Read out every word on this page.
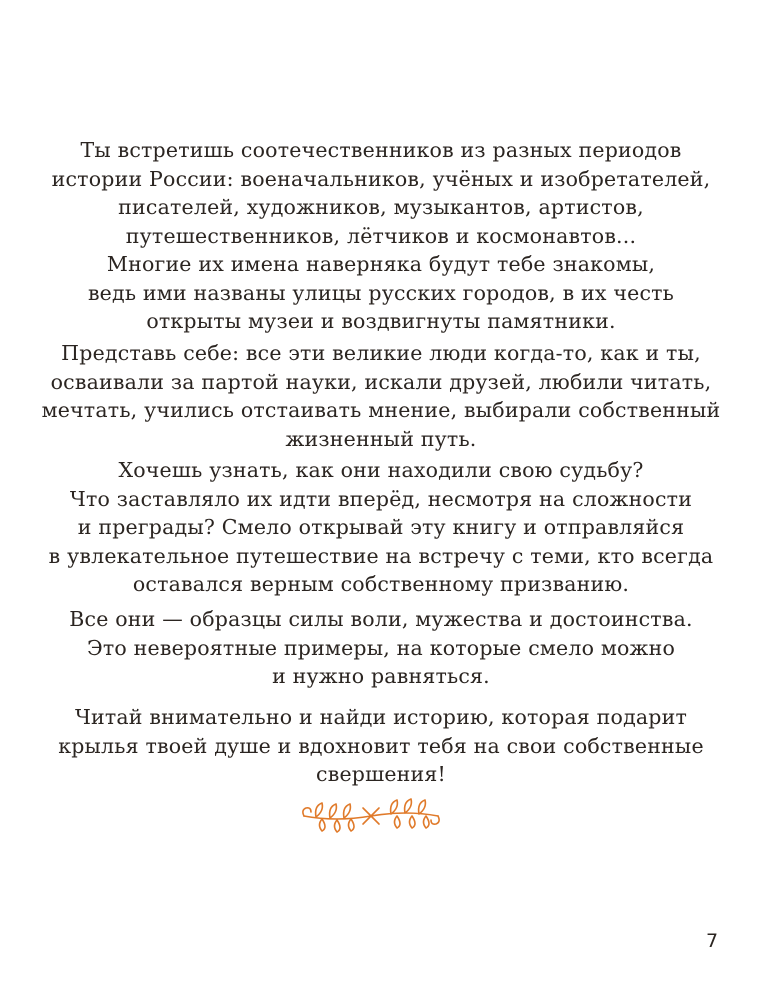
Ты встретишь соотечественников из разных периодов
истории России: военачальников, учёных и изобретателей,
писателей, художников, музыкантов, артистов,
путешественников, лётчиков и космонавтов...
Многие их имена наверняка будут тебе знакомы,
ведь ими названы улицы русских городов, в их честь
открыты музеи и воздвигнуты памятники.
Представь себе: все эти великие люди когда-то, как и ты,
осваивали за партой науки, искали друзей, любили читать,
мечтать, учились отстаивать мнение, выбирали собственный
жизненный путь.
Хочешь узнать, как они находили свою судьбу?
Что заставляло их идти вперёд, несмотря на сложности
и преграды? Смело открывай эту книгу и отправляйся
в увлекательное путешествие на встречу с теми, кто всегда
оставался верным собственному призванию.
Все они — образцы силы воли, мужества и достоинства.
Это невероятные примеры, на которые смело можно
и нужно равняться.
Читай внимательно и найди историю, которая подарит
крылья твоей душе и вдохновит тебя на свои собственные
свершения!
7
